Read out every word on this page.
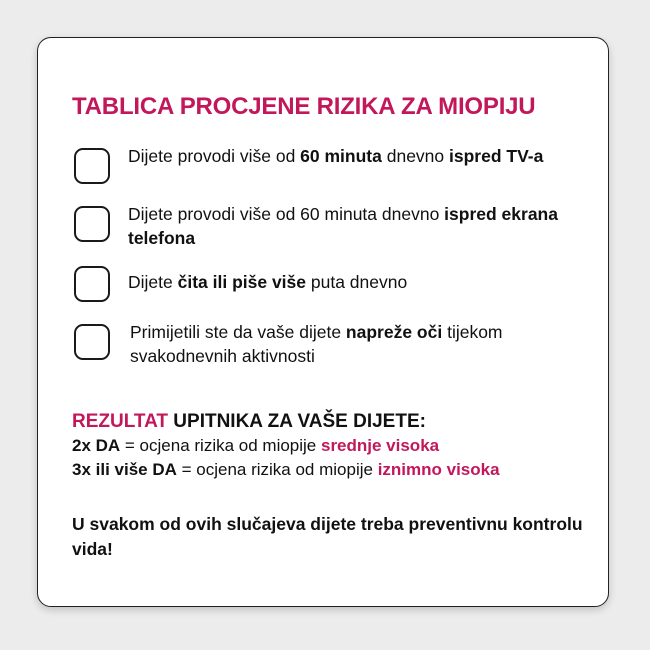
TABLICA PROCJENE RIZIKA ZA MIOPIJU
Dijete provodi više od 60 minuta dnevno ispred TV-a
Dijete provodi više od 60 minuta dnevno ispred ekrana telefona
Dijete čita ili piše više puta dnevno
Primijetili ste da vaše dijete napreže oči tijekom svakodnevnih aktivnosti
REZULTAT UPITNIKA ZA VAŠE DIJETE:
2x DA = ocjena rizika od miopije srednje visoka
3x ili više DA = ocjena rizika od miopije iznimno visoka

U svakom od ovih slučajeva dijete treba preventivnu kontrolu vida!
